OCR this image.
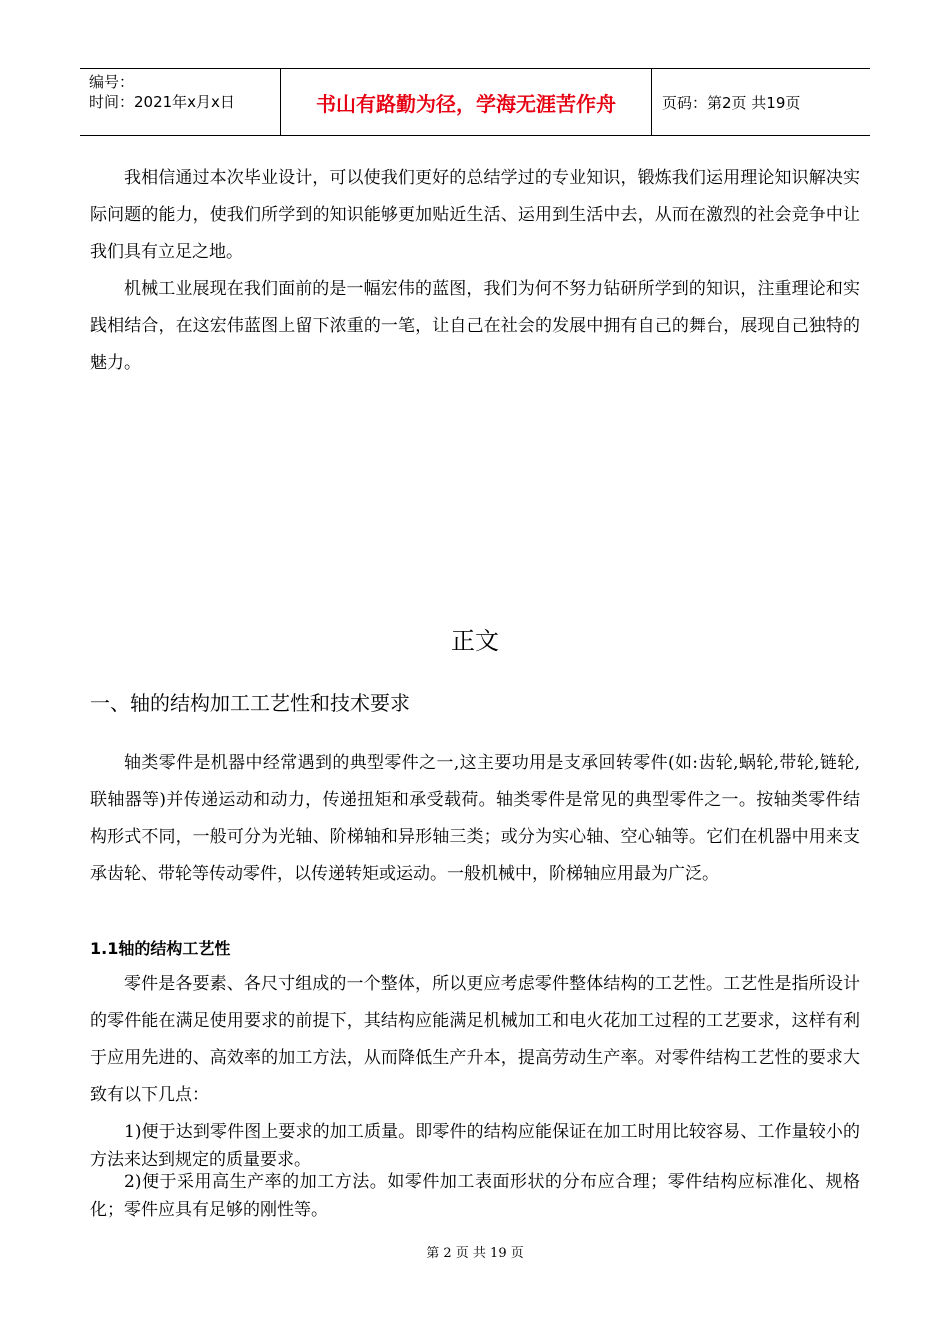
编号：
时间：2021年x月x日	书山有路勤为径，学海无涯苦作舟	页码：第2页 共19页

我相信通过本次毕业设计，可以使我们更好的总结学过的专业知识，锻炼我们运用理论知识解决实际问题的能力，使我们所学到的知识能够更加贴近生活、运用到生活中去，从而在激烈的社会竞争中让我们具有立足之地。

机械工业展现在我们面前的是一幅宏伟的蓝图，我们为何不努力钻研所学到的知识，注重理论和实践相结合，在这宏伟蓝图上留下浓重的一笔，让自己在社会的发展中拥有自己的舞台，展现自己独特的魅力。

正文
一、轴的结构加工工艺性和技术要求

轴类零件是机器中经常遇到的典型零件之一,这主要功用是支承回转零件(如:齿轮,蜗轮,带轮,链轮,联轴器等)并传递运动和动力，传递扭矩和承受载荷。轴类零件是常见的典型零件之一。按轴类零件结构形式不同，一般可分为光轴、阶梯轴和异形轴三类；或分为实心轴、空心轴等。它们在机器中用来支承齿轮、带轮等传动零件，以传递转矩或运动。一般机械中，阶梯轴应用最为广泛。

1.1轴的结构工艺性

零件是各要素、各尺寸组成的一个整体，所以更应考虑零件整体结构的工艺性。工艺性是指所设计的零件能在满足使用要求的前提下，其结构应能满足机械加工和电火花加工过程的工艺要求，这样有利于应用先进的、高效率的加工方法，从而降低生产升本，提高劳动生产率。对零件结构工艺性的要求大致有以下几点：

1)便于达到零件图上要求的加工质量。即零件的结构应能保证在加工时用比较容易、工作量较小的方法来达到规定的质量要求。

2)便于采用高生产率的加工方法。如零件加工表面形状的分布应合理；零件结构应标准化、规格化；零件应具有足够的刚性等。

第 2 页 共 19 页
